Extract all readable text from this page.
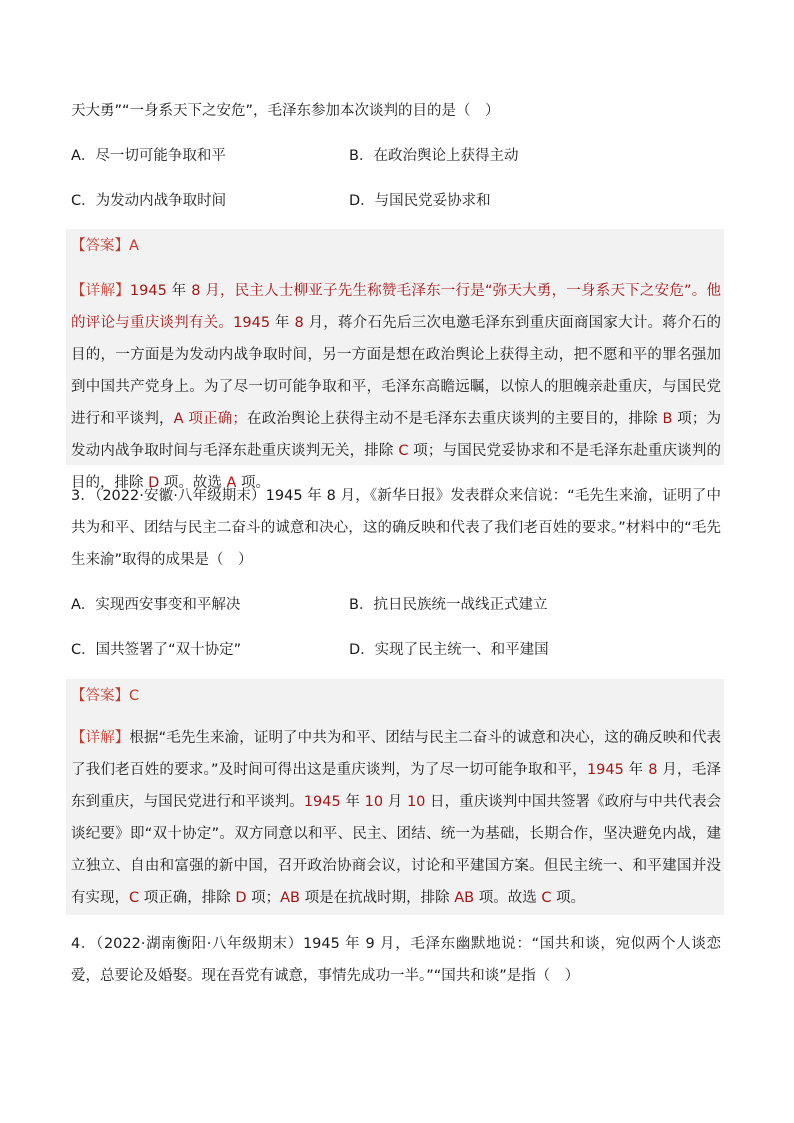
天大勇”“一身系天下之安危”，毛泽东参加本次谈判的目的是（　）
A．尽一切可能争取和平	B．在政治舆论上获得主动
C．为发动内战争取时间	D．与国民党妥协求和
【答案】A
【详解】1945 年 8 月，民主人士柳亚子先生称赞毛泽东一行是“弥天大勇，一身系天下之安危”。他的评论与重庆谈判有关。1945 年 8 月，蒋介石先后三次电邀毛泽东到重庆面商国家大计。蒋介石的目的，一方面是为发动内战争取时间，另一方面是想在政治舆论上获得主动，把不愿和平的罪名强加到中国共产党身上。为了尽一切可能争取和平，毛泽东高瞻远瞩，以惊人的胆魄亲赴重庆，与国民党进行和平谈判，A 项正确；在政治舆论上获得主动不是毛泽东去重庆谈判的主要目的，排除 B 项；为发动内战争取时间与毛泽东赴重庆谈判无关，排除 C 项；与国民党妥协求和不是毛泽东赴重庆谈判的目的，排除 D 项。故选 A 项。
3．（2022·安徽·八年级期末）1945 年 8 月，《新华日报》发表群众来信说：“毛先生来渝，证明了中共为和平、团结与民主二奋斗的诚意和决心，这的确反映和代表了我们老百姓的要求。”材料中的“毛先生来渝”取得的成果是（　）
A．实现西安事变和平解决	B．抗日民族统一战线正式建立
C．国共签署了“双十协定”	D．实现了民主统一、和平建国
【答案】C
【详解】根据“毛先生来渝，证明了中共为和平、团结与民主二奋斗的诚意和决心，这的确反映和代表了我们老百姓的要求。”及时间可得出这是重庆谈判，为了尽一切可能争取和平，1945 年 8 月，毛泽东到重庆，与国民党进行和平谈判。1945 年 10 月 10 日，重庆谈判中国共签署《政府与中共代表会谈纪要》即“双十协定”。双方同意以和平、民主、团结、统一为基础，长期合作，坚决避免内战，建立独立、自由和富强的新中国，召开政治协商会议，讨论和平建国方案。但民主统一、和平建国并没有实现，C 项正确，排除 D 项；AB 项是在抗战时期，排除 AB 项。故选 C 项。
4．（2022·湖南衡阳·八年级期末）1945 年 9 月，毛泽东幽默地说：“国共和谈，宛似两个人谈恋爱，总要论及婚娶。现在吾党有诚意，事情先成功一半。”“国共和谈”是指（　）
